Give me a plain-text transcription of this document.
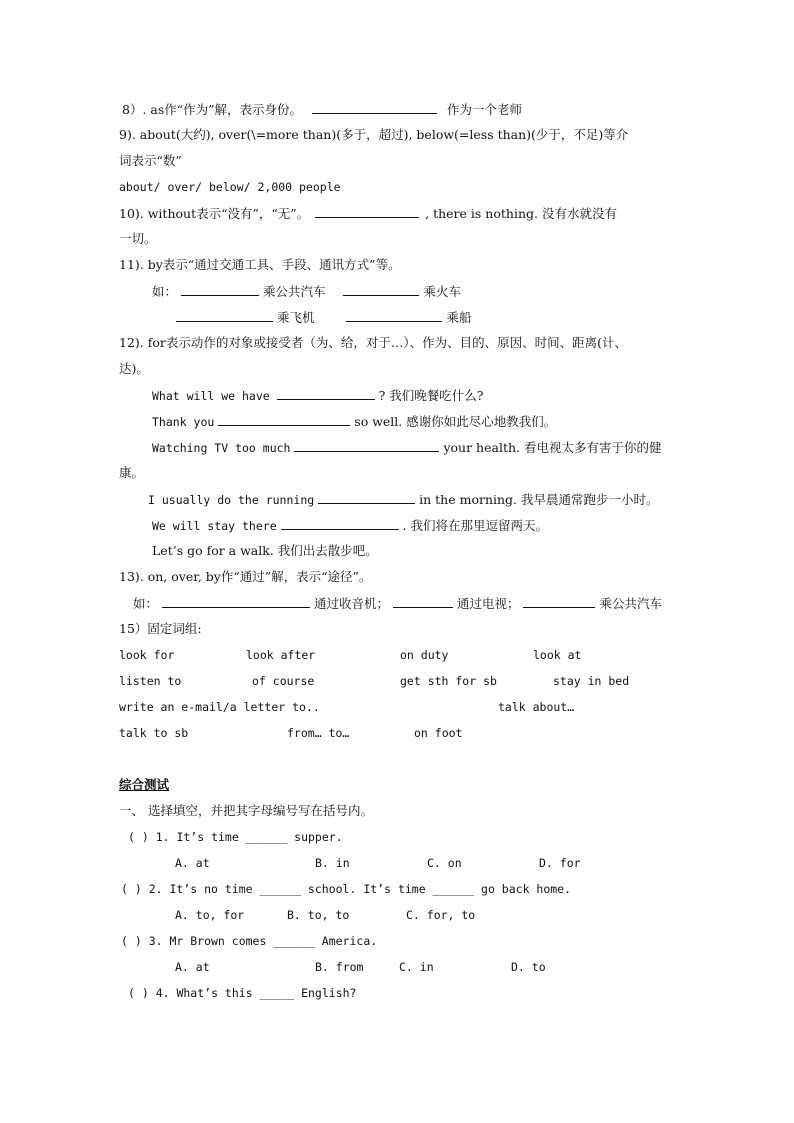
8）. as作“作为”解，表示身份。	作为一个老师
9). about(大约), over(\=more than)(多于，超过), below(=less than)(少于，不足)等介
词表示“数”
about/ over/ below/ 2,000 people
10). without表示“没有”，“无”。	, there is nothing. 没有水就没有
一切。
11). by表示“通过交通工具、手段、通讯方式”等。
如：	乘公共汽车	乘火车
乘飞机	乘船
12). for表示动作的对象或接受者（为、给，对于…）、作为、目的、原因、时间、距离(计、
达)。
What will we have	? 我们晚餐吃什么?
Thank you	so well. 感谢你如此尽心地教我们。
Watching TV too much	your health. 看电视太多有害于你的健
康。
I usually do the running	in the morning. 我早晨通常跑步一小时。
We will stay there	. 我们将在那里逗留两天。
Let’s go for a walk. 我们出去散步吧。
13). on, over, by作“通过”解，表示“途径”。
如：	通过收音机；	通过电视；	乘公共汽车
15）固定词组:
look for	look after	on duty	look at
listen to	of course	get sth for sb	stay in bed
write an e-mail/a letter to..	talk about…
talk to sb	from… to…	on foot
综合测试
一、 选择填空，并把其字母编号写在括号内。
( ) 1. It’s time ______ supper.
A. at	B. in	C. on	D. for
( ) 2. It’s no time ______ school. It’s time ______ go back home.
A. to, for	B. to, to	C. for, to
( ) 3. Mr Brown comes ______ America.
A. at	B. from	C. in	D. to
( ) 4. What’s this _____ English?
